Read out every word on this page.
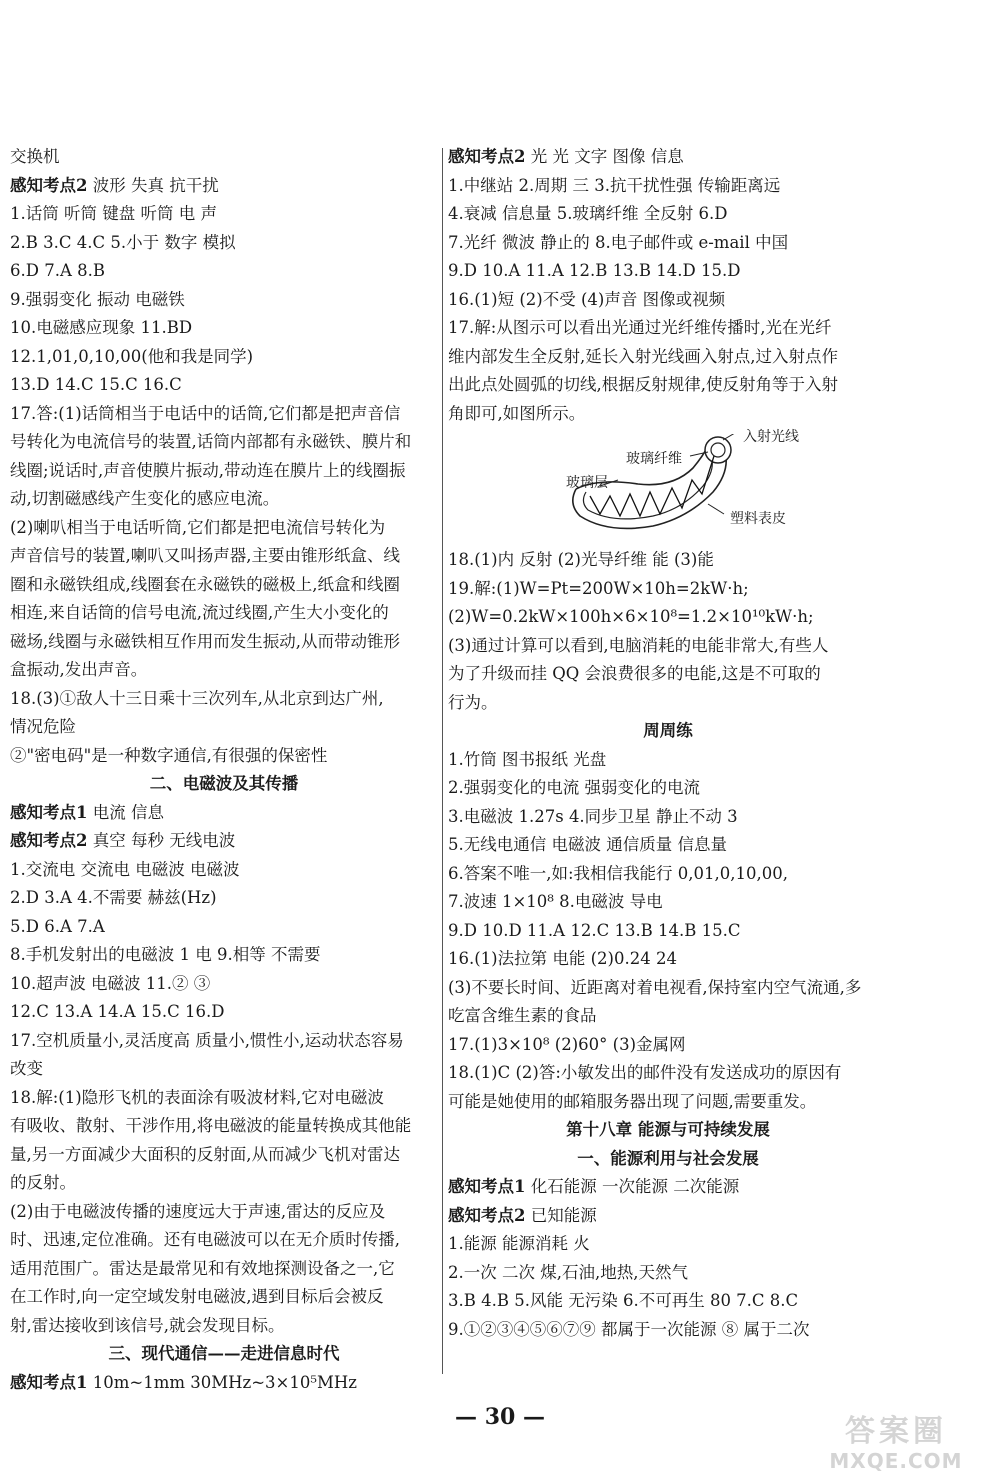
交换机
感知考点2 波形 失真 抗干扰
1.话筒 听筒 键盘 听筒 电 声
2.B 3.C 4.C 5.小于 数字 模拟
6.D 7.A 8.B
9.强弱变化 振动 电磁铁
10.电磁感应现象 11.BD
12.1,01,0,10,00(他和我是同学)
13.D 14.C 15.C 16.C
17.答:(1)话筒相当于电话中的话筒,它们都是把声音信
号转化为电流信号的装置,话筒内部都有永磁铁、膜片和
线圈;说话时,声音使膜片振动,带动连在膜片上的线圈振
动,切割磁感线产生变化的感应电流。
(2)喇叭相当于电话听筒,它们都是把电流信号转化为
声音信号的装置,喇叭又叫扬声器,主要由锥形纸盒、线
圈和永磁铁组成,线圈套在永磁铁的磁极上,纸盒和线圈
相连,来自话筒的信号电流,流过线圈,产生大小变化的
磁场,线圈与永磁铁相互作用而发生振动,从而带动锥形
盒振动,发出声音。
18.(3)①敌人十三日乘十三次列车,从北京到达广州,
情况危险
②"密电码"是一种数字通信,有很强的保密性
二、电磁波及其传播
感知考点1 电流 信息
感知考点2 真空 每秒 无线电波
1.交流电 交流电 电磁波 电磁波
2.D 3.A 4.不需要 赫兹(Hz)
5.D 6.A 7.A
8.手机发射出的电磁波 1 电 9.相等 不需要
10.超声波 电磁波 11.② ③
12.C 13.A 14.A 15.C 16.D
17.空机质量小,灵活度高 质量小,惯性小,运动状态容易
改变
18.解:(1)隐形飞机的表面涂有吸波材料,它对电磁波
有吸收、散射、干涉作用,将电磁波的能量转换成其他能
量,另一方面减少大面积的反射面,从而减少飞机对雷达
的反射。
(2)由于电磁波传播的速度远大于声速,雷达的反应及
时、迅速,定位准确。还有电磁波可以在无介质时传播,
适用范围广。雷达是最常见和有效地探测设备之一,它
在工作时,向一定空域发射电磁波,遇到目标后会被反
射,雷达接收到该信号,就会发现目标。
三、现代通信——走进信息时代
感知考点1 10m~1mm 30MHz~3×10⁵MHz
感知考点2 光 光 文字 图像 信息
1.中继站 2.周期 三 3.抗干扰性强 传输距离远
4.衰减 信息量 5.玻璃纤维 全反射 6.D
7.光纤 微波 静止的 8.电子邮件或 e-mail 中国
9.D 10.A 11.A 12.B 13.B 14.D 15.D
16.(1)短 (2)不受 (4)声音 图像或视频
17.解:从图示可以看出光通过光纤维传播时,光在光纤
维内部发生全反射,延长入射光线画入射点,过入射点作
出此点处圆弧的切线,根据反射规律,使反射角等于入射
角即可,如图所示。
入射光线
玻璃纤维
玻璃层
塑料表皮
18.(1)内 反射 (2)光导纤维 能 (3)能
19.解:(1)W=Pt=200W×10h=2kW·h;
(2)W=0.2kW×100h×6×10⁸=1.2×10¹⁰kW·h;
(3)通过计算可以看到,电脑消耗的电能非常大,有些人
为了升级而挂 QQ 会浪费很多的电能,这是不可取的
行为。
周周练
1.竹筒 图书报纸 光盘
2.强弱变化的电流 强弱变化的电流
3.电磁波 1.27s 4.同步卫星 静止不动 3
5.无线电通信 电磁波 通信质量 信息量
6.答案不唯一,如:我相信我能行 0,01,0,10,00,
7.波速 1×10⁸ 8.电磁波 导电
9.D 10.D 11.A 12.C 13.B 14.B 15.C
16.(1)法拉第 电能 (2)0.24 24
(3)不要长时间、近距离对着电视看,保持室内空气流通,多
吃富含维生素的食品
17.(1)3×10⁸ (2)60° (3)金属网
18.(1)C (2)答:小敏发出的邮件没有发送成功的原因有
可能是她使用的邮箱服务器出现了问题,需要重发。
第十八章 能源与可持续发展
一、能源利用与社会发展
感知考点1 化石能源 一次能源 二次能源
感知考点2 已知能源
1.能源 能源消耗 火
2.一次 二次 煤,石油,地热,天然气
3.B 4.B 5.风能 无污染 6.不可再生 80 7.C 8.C
9.①②③④⑤⑥⑦⑨ 都属于一次能源 ⑧ 属于二次
— 30 —	答案圈
MXQE.COM
